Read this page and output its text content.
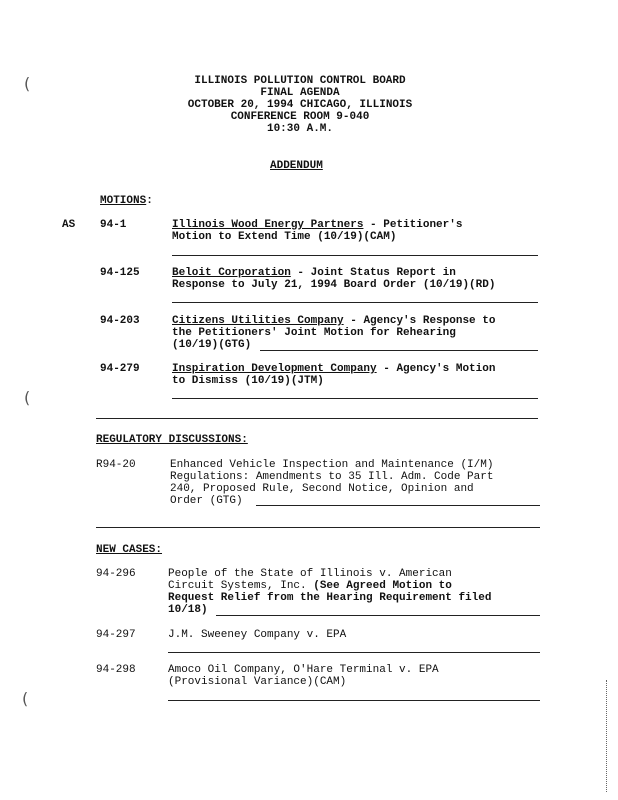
(
(
(
ILLINOIS POLLUTION CONTROL BOARD
FINAL AGENDA
OCTOBER 20, 1994 CHICAGO, ILLINOIS
CONFERENCE ROOM 9-040
10:30 A.M.
ADDENDUM
MOTIONS:
AS 94-1	Illinois Wood Energy Partners - Petitioner's
Motion to Extend Time (10/19)(CAM)
94-125	Beloit Corporation - Joint Status Report in
Response to July 21, 1994 Board Order (10/19)(RD)
94-203	Citizens Utilities Company - Agency's Response to
the Petitioners' Joint Motion for Rehearing
(10/19)(GTG)
94-279	Inspiration Development Company - Agency's Motion
to Dismiss (10/19)(JTM)
REGULATORY DISCUSSIONS:
R94-20	Enhanced Vehicle Inspection and Maintenance (I/M)
Regulations: Amendments to 35 Ill. Adm. Code Part
240, Proposed Rule, Second Notice, Opinion and
Order (GTG)
NEW CASES:
94-296	People of the State of Illinois v. American
Circuit Systems, Inc. (See Agreed Motion to
Request Relief from the Hearing Requirement filed
10/18)
94-297	J.M. Sweeney Company v. EPA
94-298	Amoco Oil Company, O'Hare Terminal v. EPA
(Provisional Variance)(CAM)
